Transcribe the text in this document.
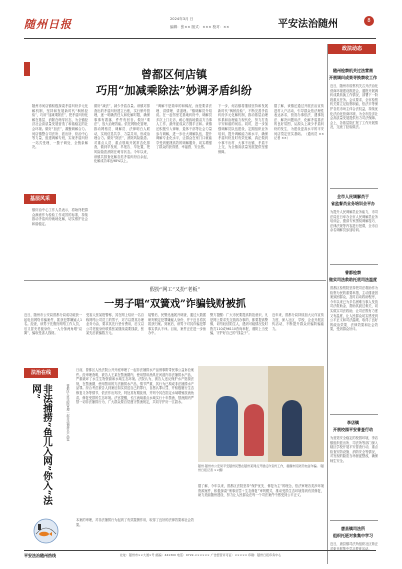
随州日报	2024年3月 日
编辑：张×× 版式：××× 校对：××	平安法治随州	8
曾都区何店镇
巧用“加减乘除法”妙调矛盾纠纷
随州市何店镇积极探索矛盾纠纷多元化解机制，坚持和发展新时代“枫桥经验”，巧用“加减乘除法”，把矛盾纠纷化解在基层、消除在萌芽状态，为全镇经济社会高质量发展营造了和谐稳定的社会环境。做好“加法”，凝聚调解合力。何店镇整合司法所、派出所、综治中心等力量，组建调解专班，实现矛盾纠纷一站式受理、一揽子调处、全链条解决。
做好“减法”，减少矛盾存量。该镇对排查出的矛盾纠纷建立台账，实行销号管理，逐一明确责任人和化解时限，确保事事有着落、件件有回音。做好“乘法”，放大治理效能。依托网格化管理，推动网格员、调解员、法律明白人联动，实现信息共享、力量共用，形成治理合力。做好“除法”，消除风险隐患。对重点人员、重点领域开展常态化排查，做到早发现、早报告、早处置，把风险隐患消除在萌芽状态。今年以来，该镇共排查化解各类矛盾纠纷百余起，化解成功率达98%以上。
“调解不是简单的和稀泥，而是要讲法理、讲情理、讲道理。”镇调解员介绍说。在一起邻里宅基地纠纷中，调解员多次上门走访，耐心细致地做双方当事人工作，最终促成双方握手言和。该镇还积极引入律师、退休干部等社会力量参与调解，进一步壮大调解队伍，提升调解专业化水平，让群众在家门口就能享受到便捷高效的调解服务，切实增强了群众的获得感、幸福感、安全感。
下一步，何店镇将继续坚持和发展新时代“枫桥经验”，不断完善矛盾纠纷多元化解机制，推动基层治理体系和治理能力现代化，努力打造平安和谐的何店。同时，进一步加强调解员队伍建设，定期组织业务培训，提升调解能力和水平，确保矛盾纠纷及时有效化解，真正做到小事不出村、大事不出镇、矛盾不上交，为全镇高质量发展提供坚强保障。
据了解，该镇还通过开展法治宣传进村入户活动，引导群众依法理性表达诉求，营造办事依法、遇事找法、解决问题用法、化解矛盾靠法的良好氛围，从源头上减少矛盾纠纷的发生，为建设更高水平的平安何店奠定坚实基础。（通讯员 ×× 记者 ××）
基层风采
镇综治中心工作人员表示，将始终把群众满意作为检验工作成效的标准，持续推动矛盾纠纷就地化解，切实维护社会和谐稳定。
政法动态
随州检察机关过法营商
开展调纠成果寻换察收工作
近日，随州市检察机关召开法治化营商环境建设推进会，通报开展调纠成果转换工作情况，部署下一阶段重点任务。会议要求，全市检察机关要立足检察职能，依法平等保护各类市场主体合法权益，持续优化法治化营商环境，为全市经济社会高质量发展提供有力司法保障。会上，各基层院汇报了工作开展情况，交流了经验做法。
全市人民调解员于
省监督员业务培训会平办
为提升人民调解员业务能力，市司法局近日举办全市人民调解员业务培训会，邀请专家围绕调解技巧、法律法规等内容进行授课，全市百余名调解员参加培训。
曾都检察
做实司法救助托底司法温度
曾都区检察院坚持把司法救助作为检察为民的重要举措，主动排查因案致困群众，及时启动救助程序，今年以来已为多名困难当事人发放司法救助金，帮助其渡过难关，切实做实司法救助，让司法既有力度又有温度，让人民群众切实感受到公平正义和司法温暖，取得了良好的政治效果、法律效果和社会效果，受到群众好评。
李店镇
开展校园平安普查行动
为营造安全稳定的校园环境，李店镇组织派出所、司法所等部门深入辖区学校开展平安普查行动，重点检查安防设施、消防安全等情况，对发现的隐患当场督促整改，确保师生安全。
唐县镇司法所
组织托班对象集中学习
近日，唐县镇司法所组织社区矫正对象开展集中学习教育活动。
假扮“网工”又扮“老板”
一男子唱“双簧戏”诈骗钱财被抓
近日，随州市公安局曾都分局成功破获一起电信网络诈骗案件，抓获犯罪嫌疑人1名。经查，该男子先假扮网络工作人员，后又冒充老板身份，一人分饰两角唱“双簧”，骗取受害人钱财。
受害人张某报警称，其在网上结识一名自称网络公司员工的男子，对方以帮其办理业务为由，要求其先行垫付费用，后又以公司老板身份联系张某继续索要钱款，张某先后被骗数万元。
接警后，民警迅速展开调查，通过大数据研判锁定犯罪嫌疑人身份，并于近日将其抓获归案。到案后，该男子对其诈骗犯罪事实供认不讳。目前，案件正在进一步侦办中。
警方提醒：广大市民要提高防范意识，凡是网上要求先交钱再办事的，都要提高警惕，切勿轻信陌生人，遇到可疑情况及时拨打110或96110咨询举报，谨防上当受骗，守护好自己的“钱袋子”。
近年来，曾都分局持续加大反诈宣传力度，深入社区、学校、企业开展宣传活动，不断提升群众识骗防骗能力。
法治在线
非法捕捞“鱼儿入网”你入“法网”	曾都区人民法院审理一起非法捕捞水产品案
日前，曾都区人民法院公开开庭审理了一起非法捕捞水产品刑事附带民事公益诉讼案件。经审理查明，被告人王某在禁渔期内，使用禁用渔具在河道内非法捕捞水产品，严重破坏了水生生物资源和水域生态环境。法院认为，被告人违反保护水产资源法规，在禁渔期、使用禁用的方法捕捞水产品，情节严重，其行为已构成非法捕捞水产品罪。综合考虑被告人到案后如实供述自己的罪行，自愿认罪认罚，并积极履行生态修复义务等情节，依法作出判决，判处其有期徒刑，并判令其在指定水域增殖放流鱼苗，修复受损的生态环境。法官提醒，长江流域重点水域实行十年禁渔，禁渔期内严禁一切非法捕捞行为，广大群众要自觉遵守禁渔规定，共同守护好一江碧水。
本案的审理，对非法捕捞行为起到了有效震慑作用，取得了良好的法律效果和社会效果。
随州·随州市公安局平安随州民警在随州某网点开展反诈宣传工作，提醒市民防范电信诈骗。（随州日报记者 ××摄）
据了解，今年以来，曾都区法院坚持“保护优先、修复为主”的理念，依法审理各类涉环境资源案件，积极探索“刑事惩罚＋生态修复”审判模式，推动受损生态环境得到有效修复，助力美丽随州建设，努力让人民群众在每一个司法案件中感受到公平正义。
平安法治随州热线	社址：随州市××大道×号 邮编：441300 电话：0722-×××××× 广告经营许可证：××××× 印刷：随州日报印务中心
